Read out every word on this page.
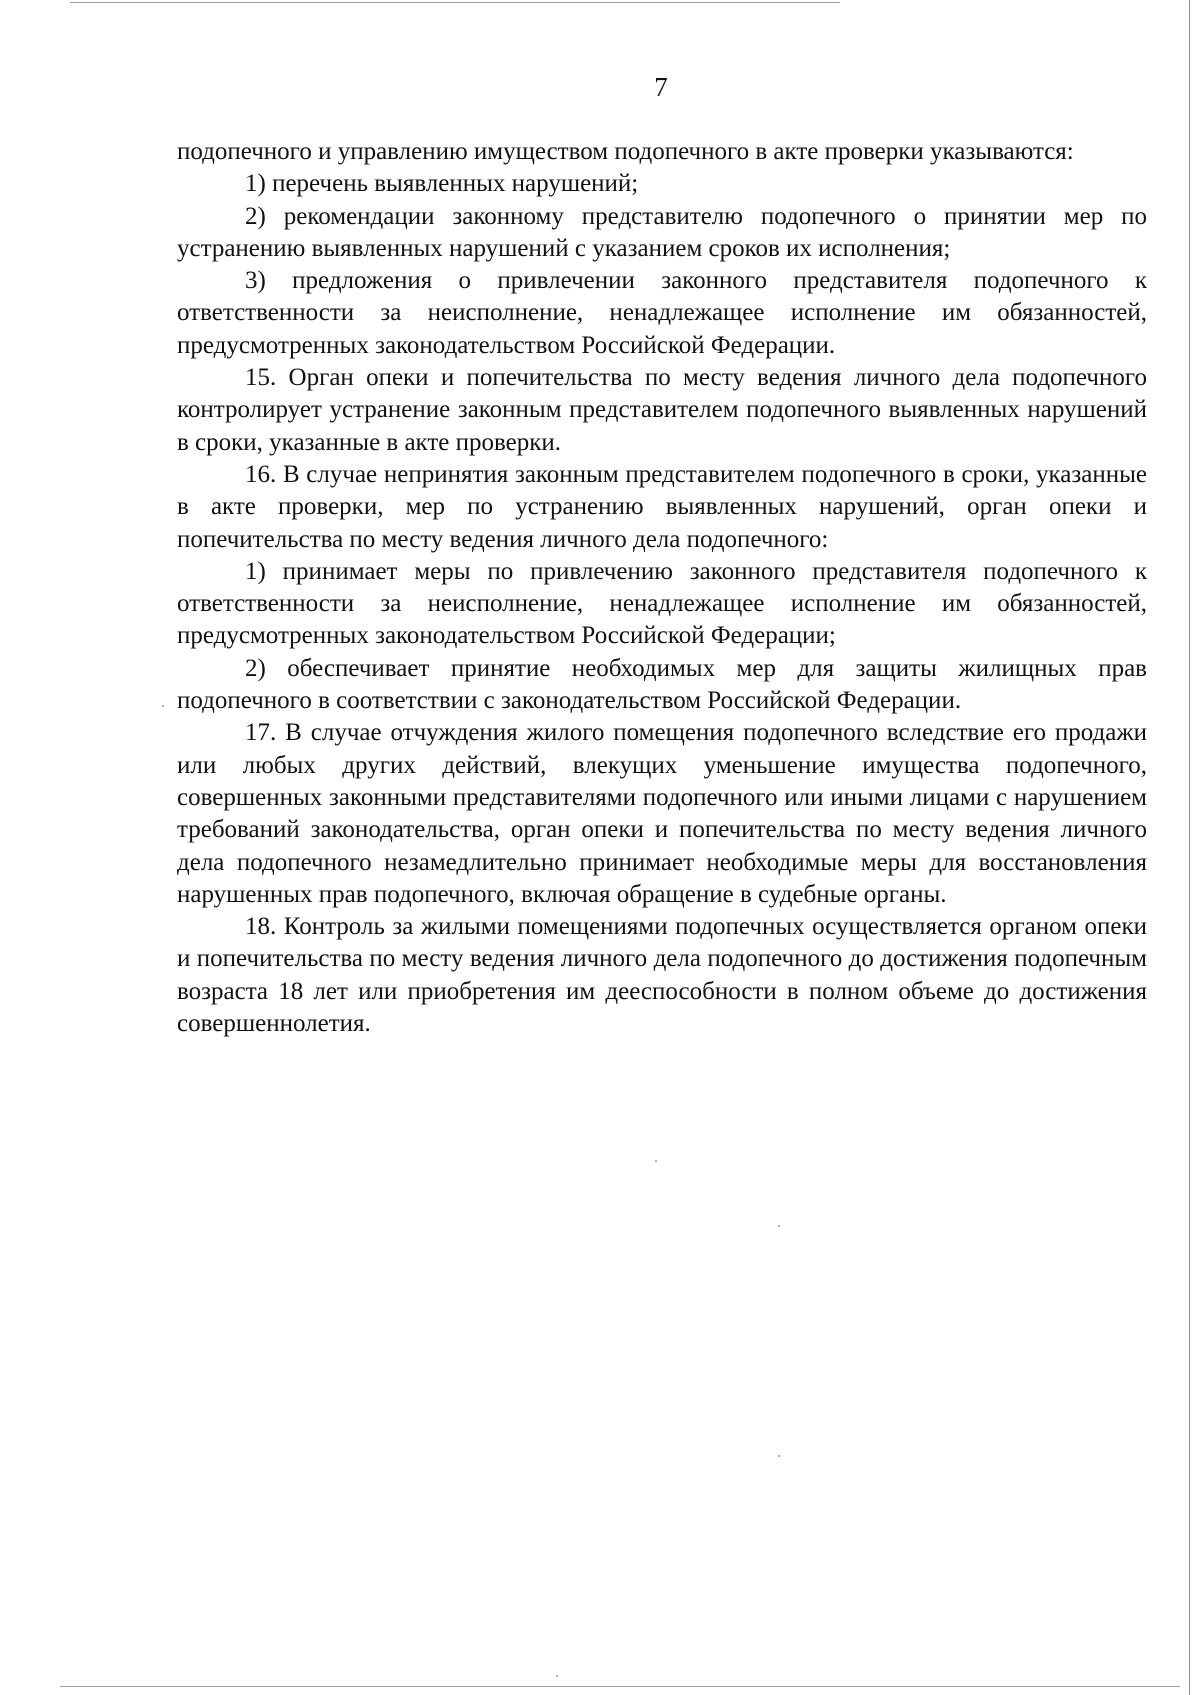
7

подопечного и управлению имуществом подопечного в акте проверки указываются:

1) перечень выявленных нарушений;

2) рекомендации законному представителю подопечного о принятии мер по устранению выявленных нарушений с указанием сроков их исполнения;

3) предложения о привлечении законного представителя подопечного к ответственности за неисполнение, ненадлежащее исполнение им обязанностей, предусмотренных законодательством Российской Федерации.

15. Орган опеки и попечительства по месту ведения личного дела подопечного контролирует устранение законным представителем подопечного выявленных нарушений в сроки, указанные в акте проверки.

16. В случае непринятия законным представителем подопечного в сроки, указанные в акте проверки, мер по устранению выявленных нарушений, орган опеки и попечительства по месту ведения личного дела подопечного:

1) принимает меры по привлечению законного представителя подопечного к ответственности за неисполнение, ненадлежащее исполнение им обязанностей, предусмотренных законодательством Российской Федерации;

2) обеспечивает принятие необходимых мер для защиты жилищных прав подопечного в соответствии с законодательством Российской Федерации.

17. В случае отчуждения жилого помещения подопечного вследствие его продажи или любых других действий, влекущих уменьшение имущества подопечного, совершенных законными представителями подопечного или иными лицами с нарушением требований законодательства, орган опеки и попечительства по месту ведения личного дела подопечного незамедлительно принимает необходимые меры для восстановления нарушенных прав подопечного, включая обращение в судебные органы.

18. Контроль за жилыми помещениями подопечных осуществляется органом опеки и попечительства по месту ведения личного дела подопечного до достижения подопечным возраста 18 лет или приобретения им дееспособности в полном объеме до достижения совершеннолетия.
